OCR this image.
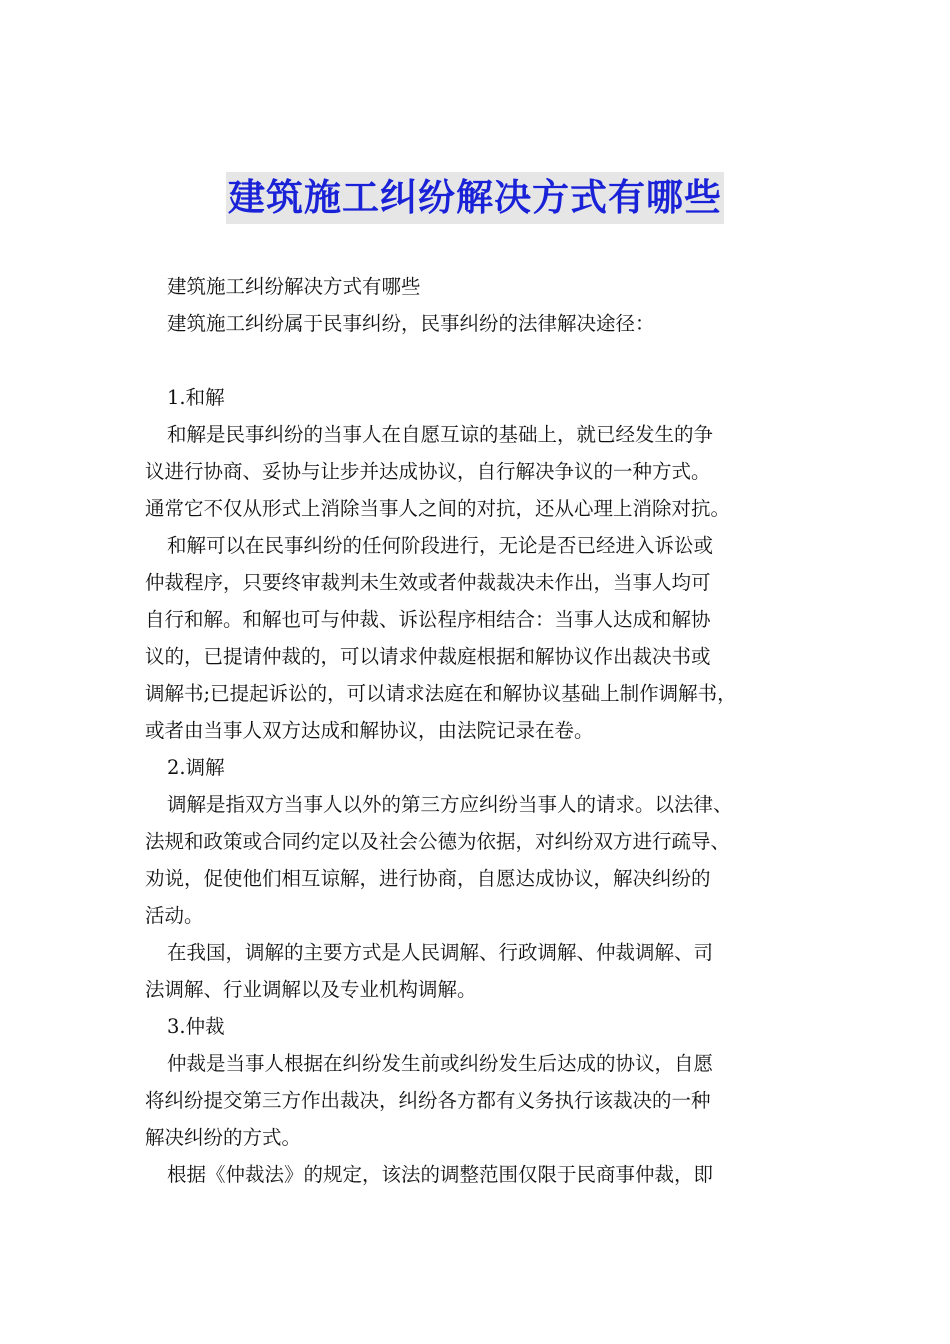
建筑施工纠纷解决方式有哪些

建筑施工纠纷解决方式有哪些

建筑施工纠纷属于民事纠纷，民事纠纷的法律解决途径：

1.和解

和解是民事纠纷的当事人在自愿互谅的基础上，就已经发生的争
议进行协商、妥协与让步并达成协议，自行解决争议的一种方式。
通常它不仅从形式上消除当事人之间的对抗，还从心理上消除对抗。
和解可以在民事纠纷的任何阶段进行，无论是否已经进入诉讼或
仲裁程序，只要终审裁判未生效或者仲裁裁决未作出，当事人均可
自行和解。和解也可与仲裁、诉讼程序相结合：当事人达成和解协
议的，已提请仲裁的，可以请求仲裁庭根据和解协议作出裁决书或
调解书;已提起诉讼的，可以请求法庭在和解协议基础上制作调解书，
或者由当事人双方达成和解协议，由法院记录在卷。

2.调解

调解是指双方当事人以外的第三方应纠纷当事人的请求。以法律、
法规和政策或合同约定以及社会公德为依据，对纠纷双方进行疏导、
劝说，促使他们相互谅解，进行协商，自愿达成协议，解决纠纷的
活动。
在我国，调解的主要方式是人民调解、行政调解、仲裁调解、司
法调解、行业调解以及专业机构调解。

3.仲裁

仲裁是当事人根据在纠纷发生前或纠纷发生后达成的协议，自愿
将纠纷提交第三方作出裁决，纠纷各方都有义务执行该裁决的一种
解决纠纷的方式。
根据《仲裁法》的规定，该法的调整范围仅限于民商事仲裁，即
